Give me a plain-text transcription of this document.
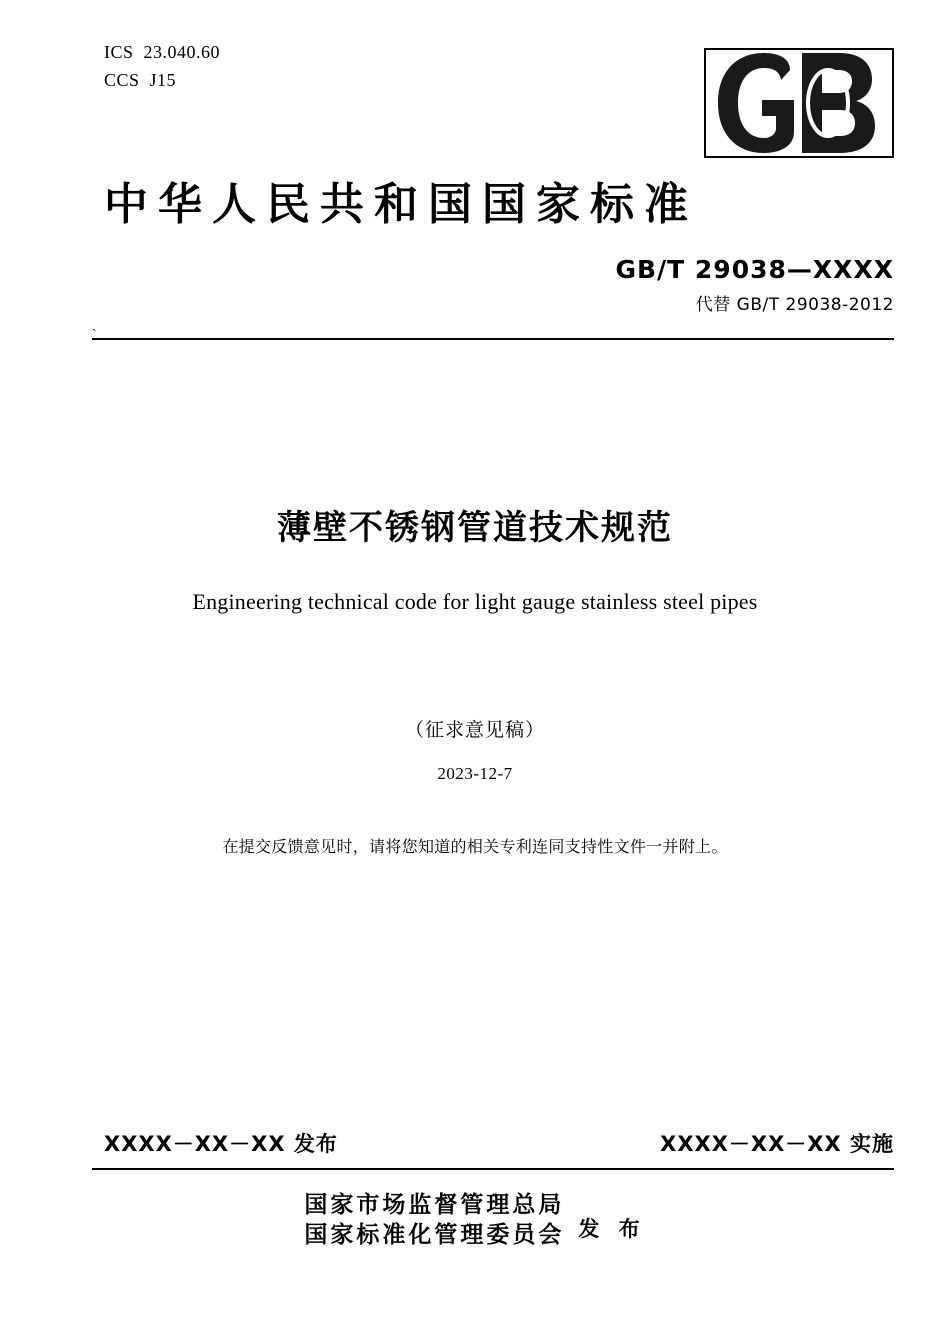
ICS  23.040.60
CCS  J15
中华人民共和国国家标准
GB/T 29038—XXXX
代替 GB/T 29038-2012
`
薄壁不锈钢管道技术规范
Engineering technical code for light gauge stainless steel pipes
（征求意见稿）
2023-12-7
在提交反馈意见时，请将您知道的相关专利连同支持性文件一并附上。
XXXX－XX－XX 发布	XXXX－XX－XX 实施
国家市场监督管理总局
国家标准化管理委员会 发 布
